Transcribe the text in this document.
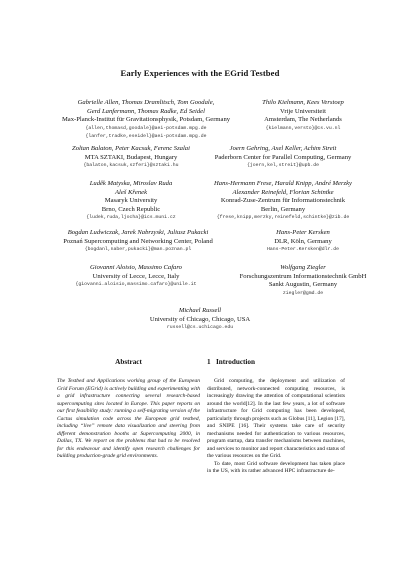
Early Experiences with the EGrid Testbed
Gabrielle Allen, Thomas Dramlitsch, Tom Goodale,
Gerd Lanfermann, Thomas Radke, Ed Seidel
Max-Planck-Institut für Gravitationsphysik, Potsdam, Germany
{allen,thomasd,goodale}@aei-potsdam.mpg.de
{lanfer,tradke,eseidel}@aei-potsdam.mpg.de
Thilo Kielmann, Kees Verstoep
Vrije Universiteit
Amsterdam, The Netherlands
{kielmann,versto}@cs.vu.nl
Zoltan Balaton, Peter Kacsuk, Ferenc Szalai
MTA SZTAKI, Budapest, Hungary
{balaton,kacsuk,szferi}@sztaki.hu
Joern Gehring, Axel Keller, Achim Streit
Paderborn Center for Parallel Computing, Germany
{joern,kel,streit}@upb.de
Luděk Matyska, Miroslav Ruda
Aleš Křenek
Masaryk University
Brno, Czech Republic
{ludek,ruda,ljocha}@ics.muni.cz
Hans-Hermann Frese, Harald Knipp, André Merzky
Alexander Reinefeld, Florian Schintke
Konrad-Zuse-Zentrum für Informationstechnik
Berlin, Germany
{frese,knipp,merzky,reinefeld,schintke}@zib.de
Bogdan Ludwiczak, Jarek Nabrzyski, Juliusz Pukacki
Poznań Supercomputing and Networking Center, Poland
{bogdanl,naber,pukacki}@man.poznan.pl
Hans-Peter Kersken
DLR, Köln, Germany
Hans-Peter.Kersken@dlr.de
Giovanni Aloisio, Massimo Cafaro
University of Lecce, Lecce, Italy
{giovanni.aloisio,massimo.cafaro}@unile.it
Wolfgang Ziegler
Forschungszentrum Informationstechnik GmbH
Sankt Augustin, Germany
ziegler@gmd.de
Michael Russell
University of Chicago, Chicago, USA
russell@cs.uchicago.edu
Abstract

The Testbed and Applications working group of the European Grid Forum (EGrid) is actively building and experimenting with a grid infrastructure connecting several research-based supercomputing sites located in Europe. This paper reports on our first feasibility study: running a self-migrating version of the Cactus simulation code across the European grid testbed, including “live” remote data visualization and steering from different demonstration booths at Supercomputing 2000, in Dallas, TX. We report on the problems that had to be resolved for this endeavour and identify open research challenges for building production-grade grid environments.

1   Introduction

Grid computing, the deployment and utilization of distributed, network-connected computing resources, is increasingly drawing the attention of computational scientists around the world[12]. In the last few years, a lot of software infrastructure for Grid computing has been developed, particularly through projects such as Globus [11], Legion [17], and SNIPE [16]. Their systems take care of security mechanisms needed for authentication to various resources, program startup, data transfer mechanisms between machines, and services to monitor and report characteristics and status of the various resources on the Grid.

To date, most Grid software development has taken place in the US, with its rather advanced HPC infrastructure de-
